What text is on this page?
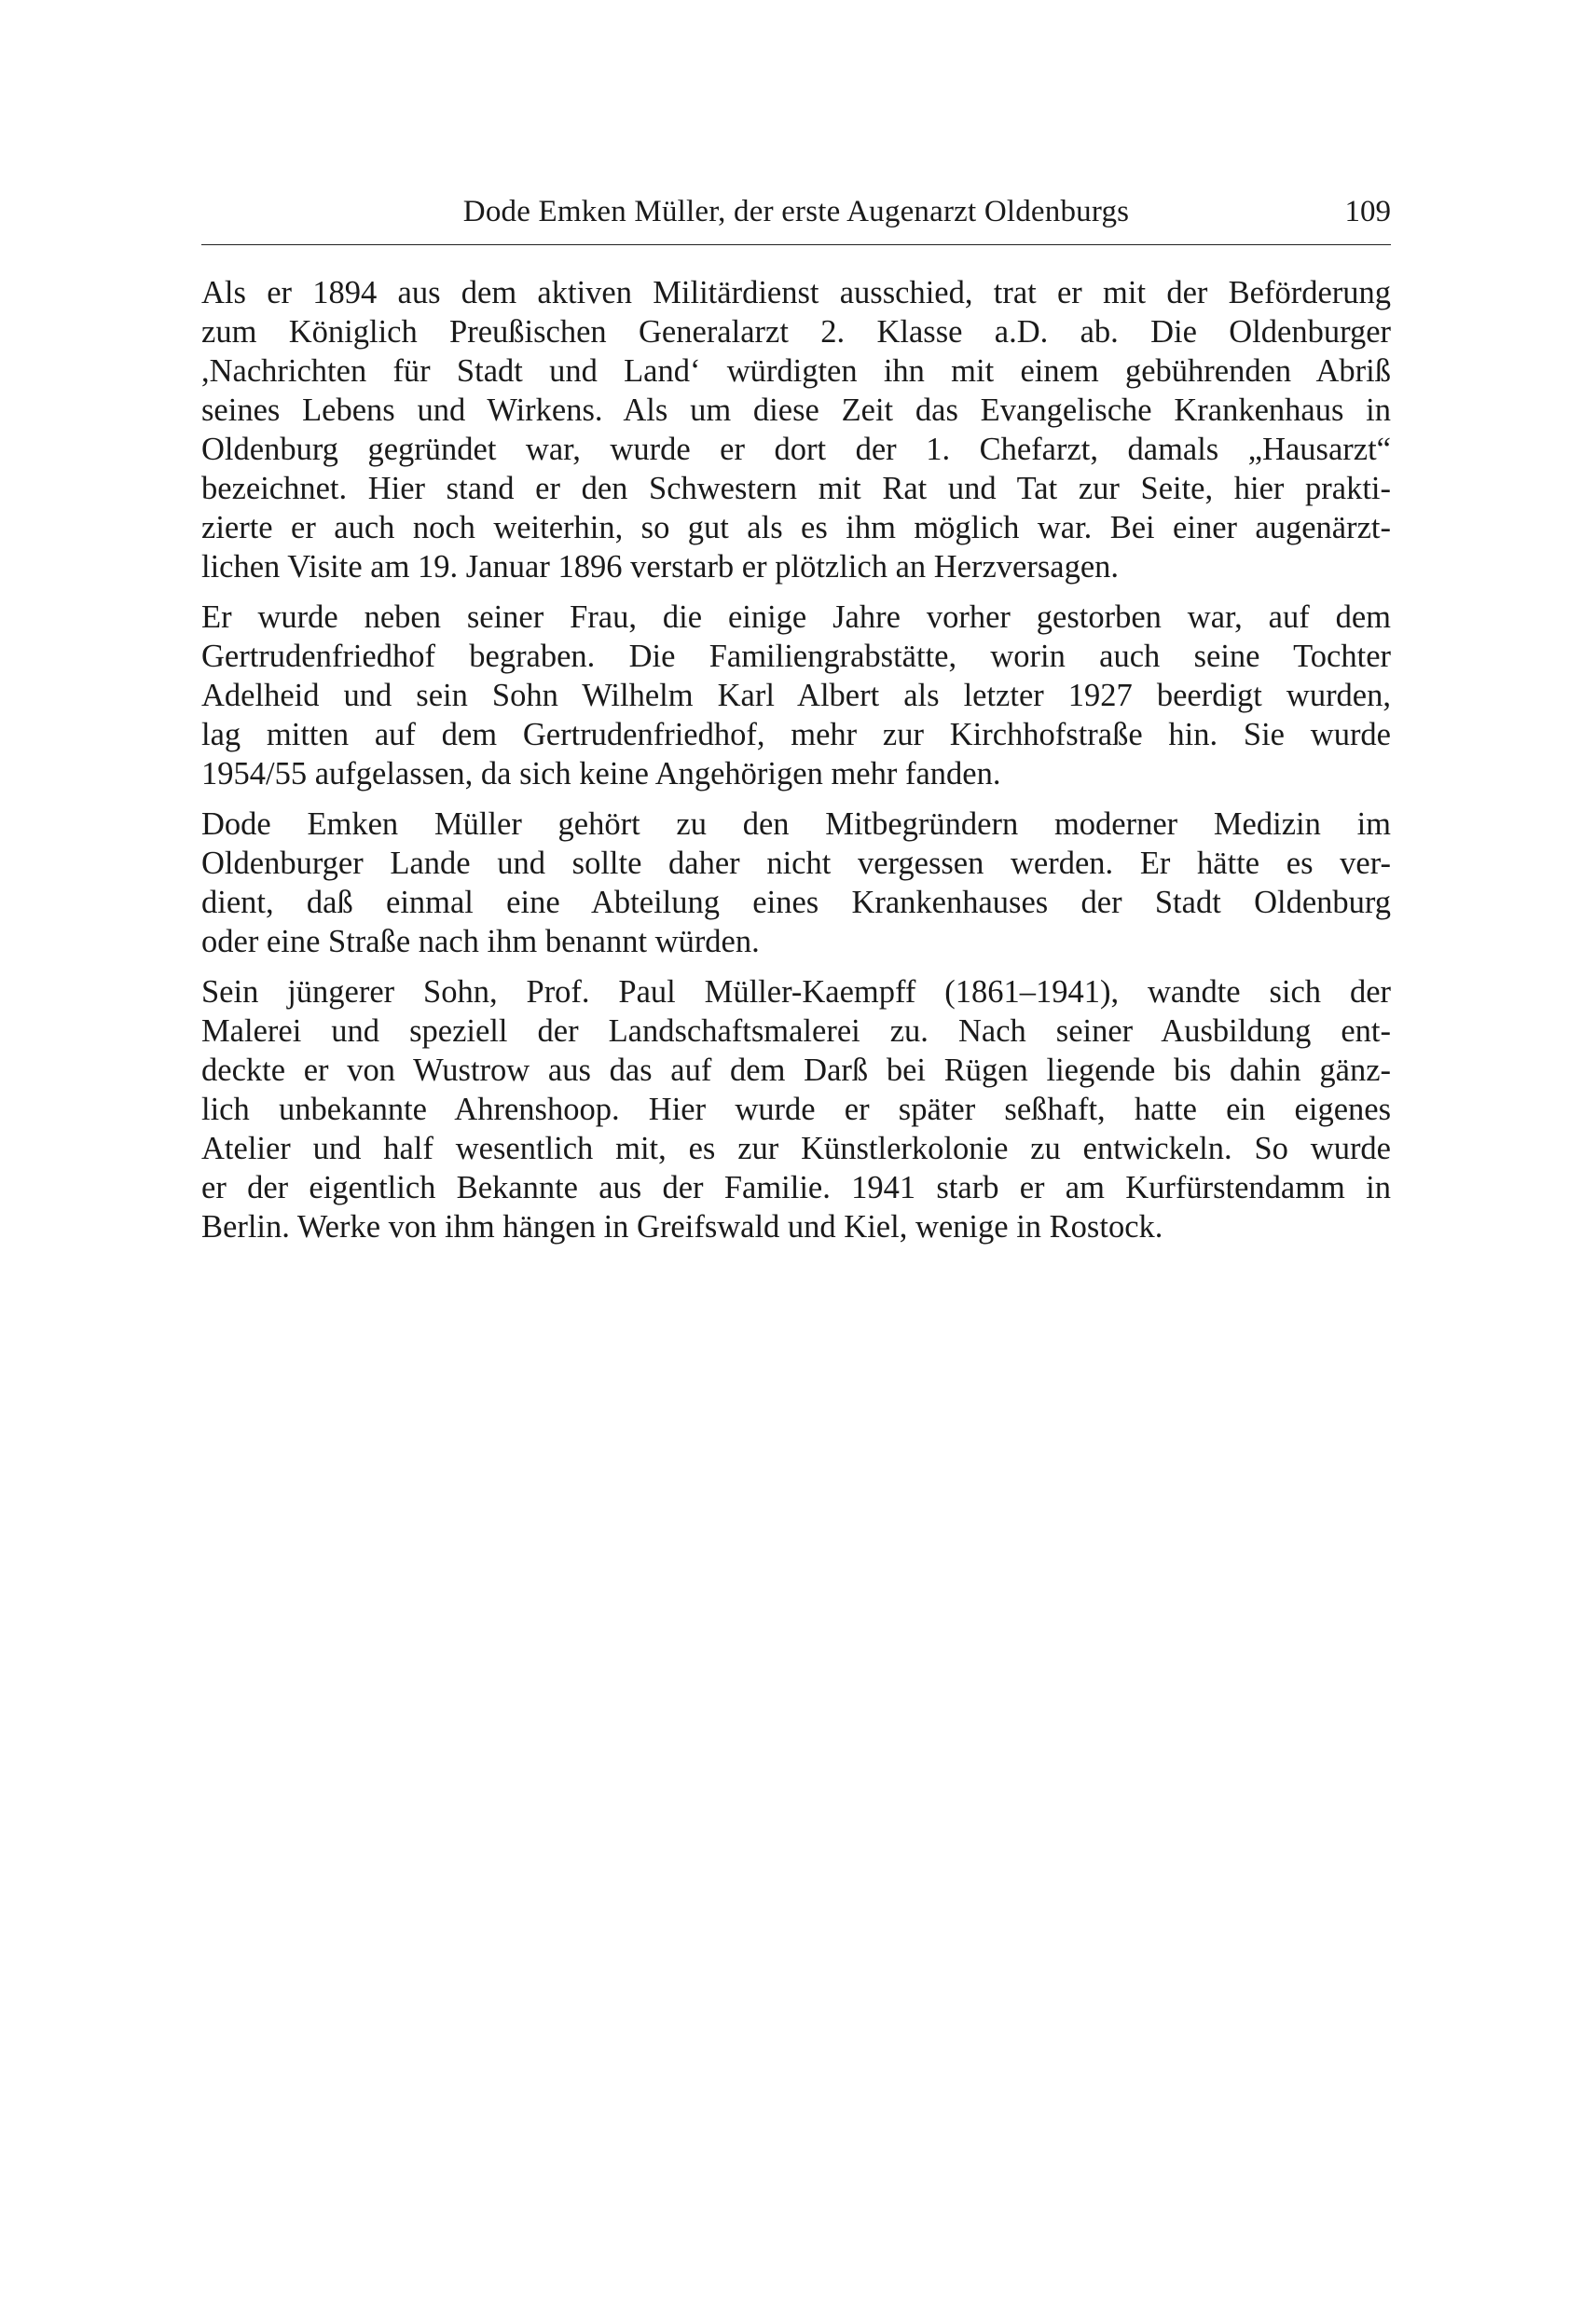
Dode Emken Müller, der erste Augenarzt Oldenburgs	109
Als er 1894 aus dem aktiven Militärdienst ausschied, trat er mit der Beförderung
zum Königlich Preußischen Generalarzt 2. Klasse a.D. ab. Die Oldenburger
,Nachrichten für Stadt und Land‘ würdigten ihn mit einem gebührenden Abriß
seines Lebens und Wirkens. Als um diese Zeit das Evangelische Krankenhaus in
Oldenburg gegründet war, wurde er dort der 1. Chefarzt, damals „Hausarzt“
bezeichnet. Hier stand er den Schwestern mit Rat und Tat zur Seite, hier prakti-
zierte er auch noch weiterhin, so gut als es ihm möglich war. Bei einer augenärzt-
lichen Visite am 19. Januar 1896 verstarb er plötzlich an Herzversagen.
Er wurde neben seiner Frau, die einige Jahre vorher gestorben war, auf dem
Gertrudenfriedhof begraben. Die Familiengrabstätte, worin auch seine Tochter
Adelheid und sein Sohn Wilhelm Karl Albert als letzter 1927 beerdigt wurden,
lag mitten auf dem Gertrudenfriedhof, mehr zur Kirchhofstraße hin. Sie wurde
1954/55 aufgelassen, da sich keine Angehörigen mehr fanden.
Dode Emken Müller gehört zu den Mitbegründern moderner Medizin im
Oldenburger Lande und sollte daher nicht vergessen werden. Er hätte es ver-
dient, daß einmal eine Abteilung eines Krankenhauses der Stadt Oldenburg
oder eine Straße nach ihm benannt würden.
Sein jüngerer Sohn, Prof. Paul Müller-Kaempff (1861–1941), wandte sich der
Malerei und speziell der Landschaftsmalerei zu. Nach seiner Ausbildung ent-
deckte er von Wustrow aus das auf dem Darß bei Rügen liegende bis dahin gänz-
lich unbekannte Ahrenshoop. Hier wurde er später seßhaft, hatte ein eigenes
Atelier und half wesentlich mit, es zur Künstlerkolonie zu entwickeln. So wurde
er der eigentlich Bekannte aus der Familie. 1941 starb er am Kurfürstendamm in
Berlin. Werke von ihm hängen in Greifswald und Kiel, wenige in Rostock.
